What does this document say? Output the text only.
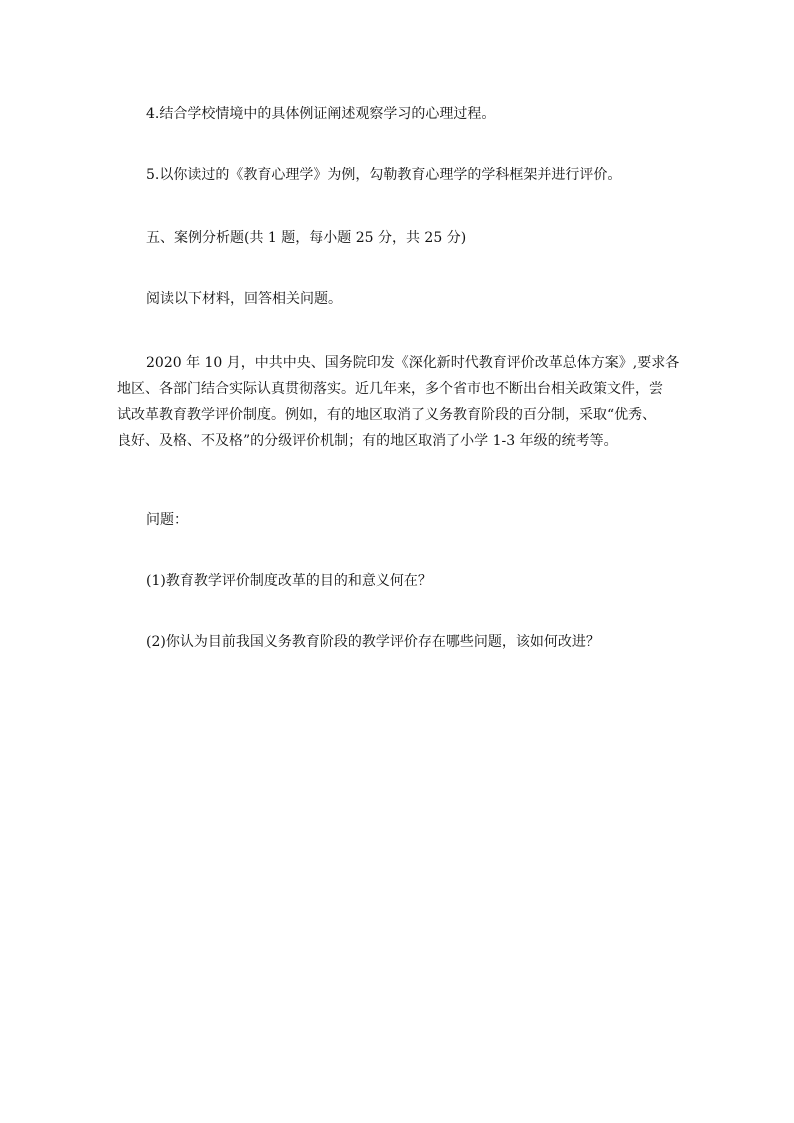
4.结合学校情境中的具体例证阐述观察学习的心理过程。

5.以你读过的《教育心理学》为例，勾勒教育心理学的学科框架并进行评价。

五、案例分析题(共 1 题，每小题 25 分，共 25 分)

阅读以下材料，回答相关问题。

2020 年 10 月，中共中央、国务院印发《深化新时代教育评价改革总体方案》,要求各
地区、各部门结合实际认真贯彻落实。近几年来，多个省市也不断出台相关政策文件，尝
试改革教育教学评价制度。例如，有的地区取消了义务教育阶段的百分制，采取“优秀、
良好、及格、不及格”的分级评价机制；有的地区取消了小学 1-3 年级的统考等。

问题：

(1)教育教学评价制度改革的目的和意义何在？

(2)你认为目前我国义务教育阶段的教学评价存在哪些问题，该如何改进？
